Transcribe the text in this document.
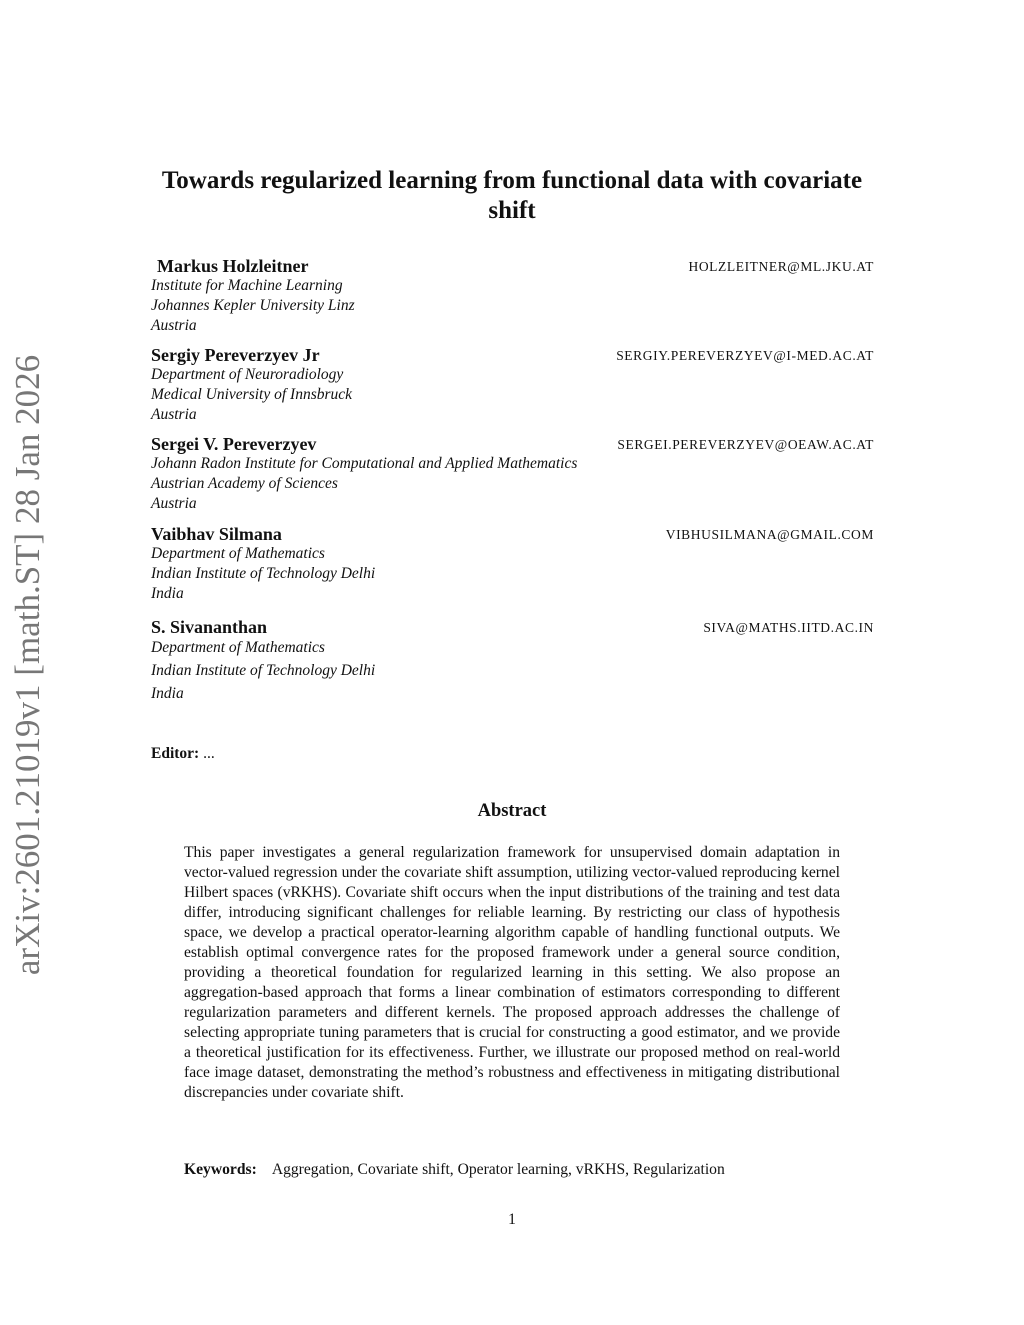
arXiv:2601.21019v1 [math.ST] 28 Jan 2026
Towards regularized learning from functional data with covariate shift
Markus Holzleitner	HOLZLEITNER@ML.JKU.AT
Institute for Machine Learning
Johannes Kepler University Linz
Austria
Sergiy Pereverzyev Jr	SERGIY.PEREVERZYEV@I-MED.AC.AT
Department of Neuroradiology
Medical University of Innsbruck
Austria
Sergei V. Pereverzyev	SERGEI.PEREVERZYEV@OEAW.AC.AT
Johann Radon Institute for Computational and Applied Mathematics
Austrian Academy of Sciences
Austria
Vaibhav Silmana	VIBHUSILMANA@GMAIL.COM
Department of Mathematics
Indian Institute of Technology Delhi
India
S. Sivananthan	SIVA@MATHS.IITD.AC.IN
Department of Mathematics
Indian Institute of Technology Delhi
India
Editor: ...
Abstract
This paper investigates a general regularization framework for unsupervised domain adaptation in vector-valued regression under the covariate shift assumption, utilizing vector-valued reproducing kernel Hilbert spaces (vRKHS). Covariate shift occurs when the input distributions of the training and test data differ, introducing significant challenges for reliable learning. By restricting our class of hypothesis space, we develop a practical operator-learning algorithm capable of handling functional outputs. We establish optimal convergence rates for the proposed framework under a general source condition, providing a theoretical foundation for regularized learning in this setting. We also propose an aggregation-based approach that forms a linear combination of estimators corresponding to different regularization parameters and different kernels. The proposed approach addresses the challenge of selecting appropriate tuning parameters that is crucial for constructing a good estimator, and we provide a theoretical justification for its effectiveness. Further, we illustrate our proposed method on real-world face image dataset, demonstrating the method’s robustness and effectiveness in mitigating distributional discrepancies under covariate shift.
Keywords: Aggregation, Covariate shift, Operator learning, vRKHS, Regularization
1
